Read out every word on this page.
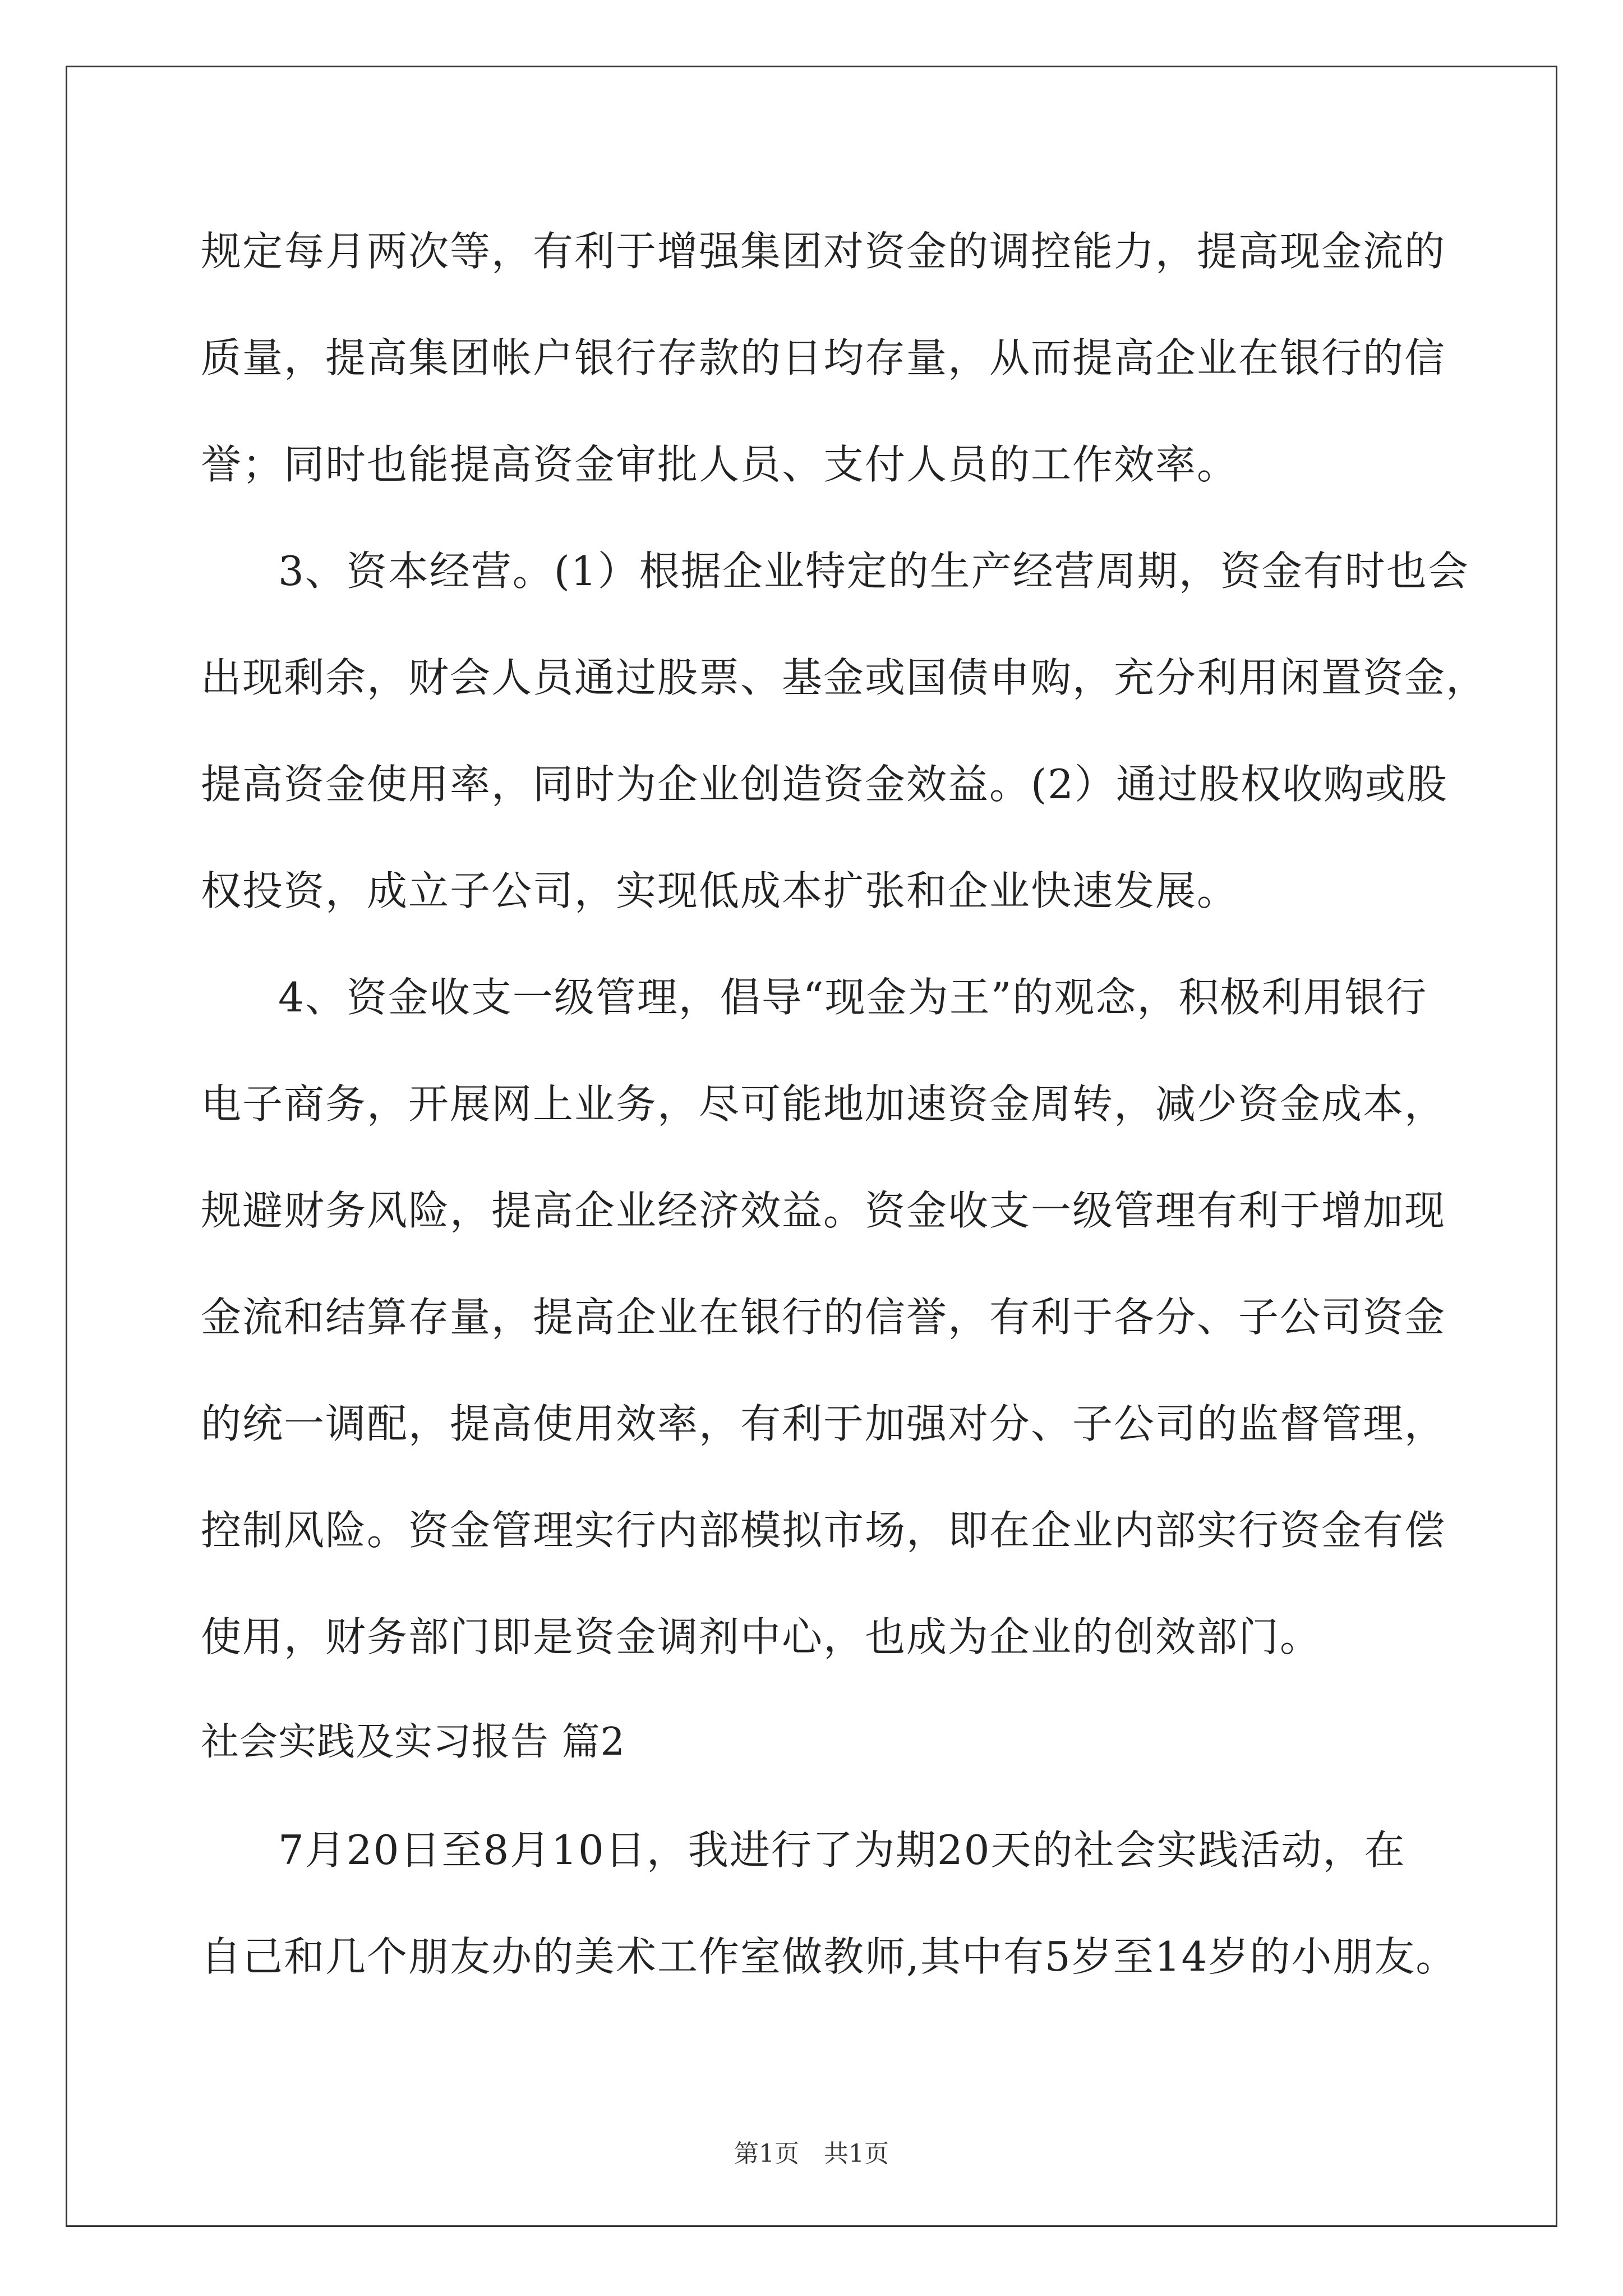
规定每月两次等，有利于增强集团对资金的调控能力，提高现金流的
质量，提高集团帐户银行存款的日均存量，从而提高企业在银行的信
誉；同时也能提高资金审批人员、支付人员的工作效率。
3、资本经营。(1）根据企业特定的生产经营周期，资金有时也会
出现剩余，财会人员通过股票、基金或国债申购，充分利用闲置资金，
提高资金使用率，同时为企业创造资金效益。(2）通过股权收购或股
权投资，成立子公司，实现低成本扩张和企业快速发展。
4、资金收支一级管理，倡导“现金为王”的观念，积极利用银行
电子商务，开展网上业务，尽可能地加速资金周转，减少资金成本，
规避财务风险，提高企业经济效益。资金收支一级管理有利于增加现
金流和结算存量，提高企业在银行的信誉，有利于各分、子公司资金
的统一调配，提高使用效率，有利于加强对分、子公司的监督管理，
控制风险。资金管理实行内部模拟市场，即在企业内部实行资金有偿
使用，财务部门即是资金调剂中心，也成为企业的创效部门。
社会实践及实习报告 篇2
7月20日至8月10日，我进行了为期20天的社会实践活动，在
自己和几个朋友办的美术工作室做教师,其中有5岁至14岁的小朋友。
第1页　共1页
